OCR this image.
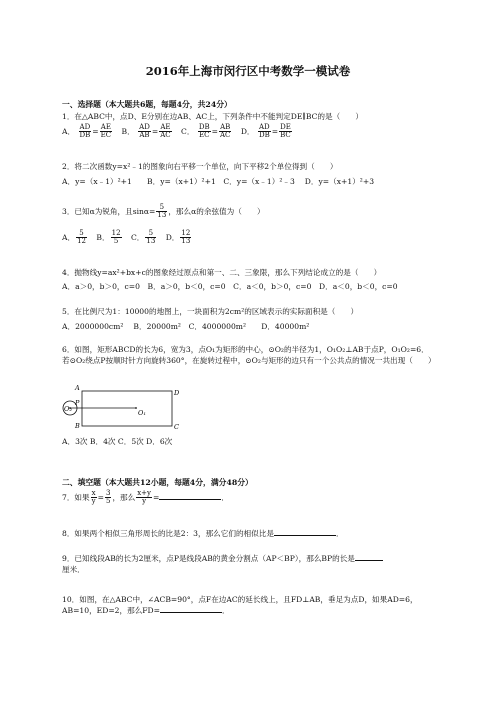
2016年上海市闵行区中考数学一模试卷
一、选择题（本大题共6题，每题4分，共24分）
1．在△ABC中，点D、E分别在边AB、AC上，下列条件中不能判定DE∥BC的是（　　）
A． $\frac{AD}{DB} = \frac{AE}{EC}$ B． $\frac{AD}{AB} = \frac{AE}{AC}$ C． $\frac{DB}{EC} = \frac{AB}{AC}$ D． $\frac{AD}{DB} = \frac{DE}{BC}$
2．将二次函数y=x²﹣1的图象向右平移一个单位，向下平移2个单位得到（　　）
A．y=（x﹣1）²+1　　B．y=（x+1）²+1　C．y=（x﹣1）²﹣3　 D．y=（x+1）²+3
3．已知α为锐角，且$\sin\alpha= \frac{5}{13}$ ，那么α的余弦值为（　　）
A． $\frac{5}{12}$ B． $\frac{12}{5}$ C． $\frac{5}{13}$ D． $\frac{12}{13}$
4．抛物线y=ax²+bx+c的图象经过原点和第一、二、三象限，那么下列结论成立的是（　　）
A．a＞0，b＞0，c=0　B．a＞0，b＜0，c=0　C．a＜0，b＞0，c=0　D．a＜0，b＜0，c=0
5．在比例尺为1：10000的地图上，一块面积为2cm²的区域表示的实际面积是（　　）
A．2000000cm²　 B．20000m²　C．4000000m²　　D．40000m²
6．如图，矩形ABCD的长为6，宽为3，点O₁为矩形的中心，⊙O₂的半径为1，O₁O₂⊥AB于点P，O₁O₂=6．若⊙O₂绕点P按顺时针方向旋转360°，在旋转过程中，⊙O₂与矩形的边只有一个公共点的情况一共出现（　　）
A
D
B	C
P
O₁
O₂
A．3次 B．4次 C．5次 D．6次
二、填空题（本大题共12小题，每题4分，满分48分）
7．如果 $\frac{x}{y} = \frac{3}{5}$ ，那么 $\frac{x+y}{y}$ =	．
8．如果两个相似三角形周长的比是2：3，那么它们的相似比是	．
9．已知线段AB的长为2厘米，点P是线段AB的黄金分割点（AP＜BP），那么BP的长是
厘米．
10．如图，在△ABC中，∠ACB=90°，点F在边AC的延长线上，且FD⊥AB，垂足为点D，如果AD=6，AB=10，ED=2，那么FD=	．
